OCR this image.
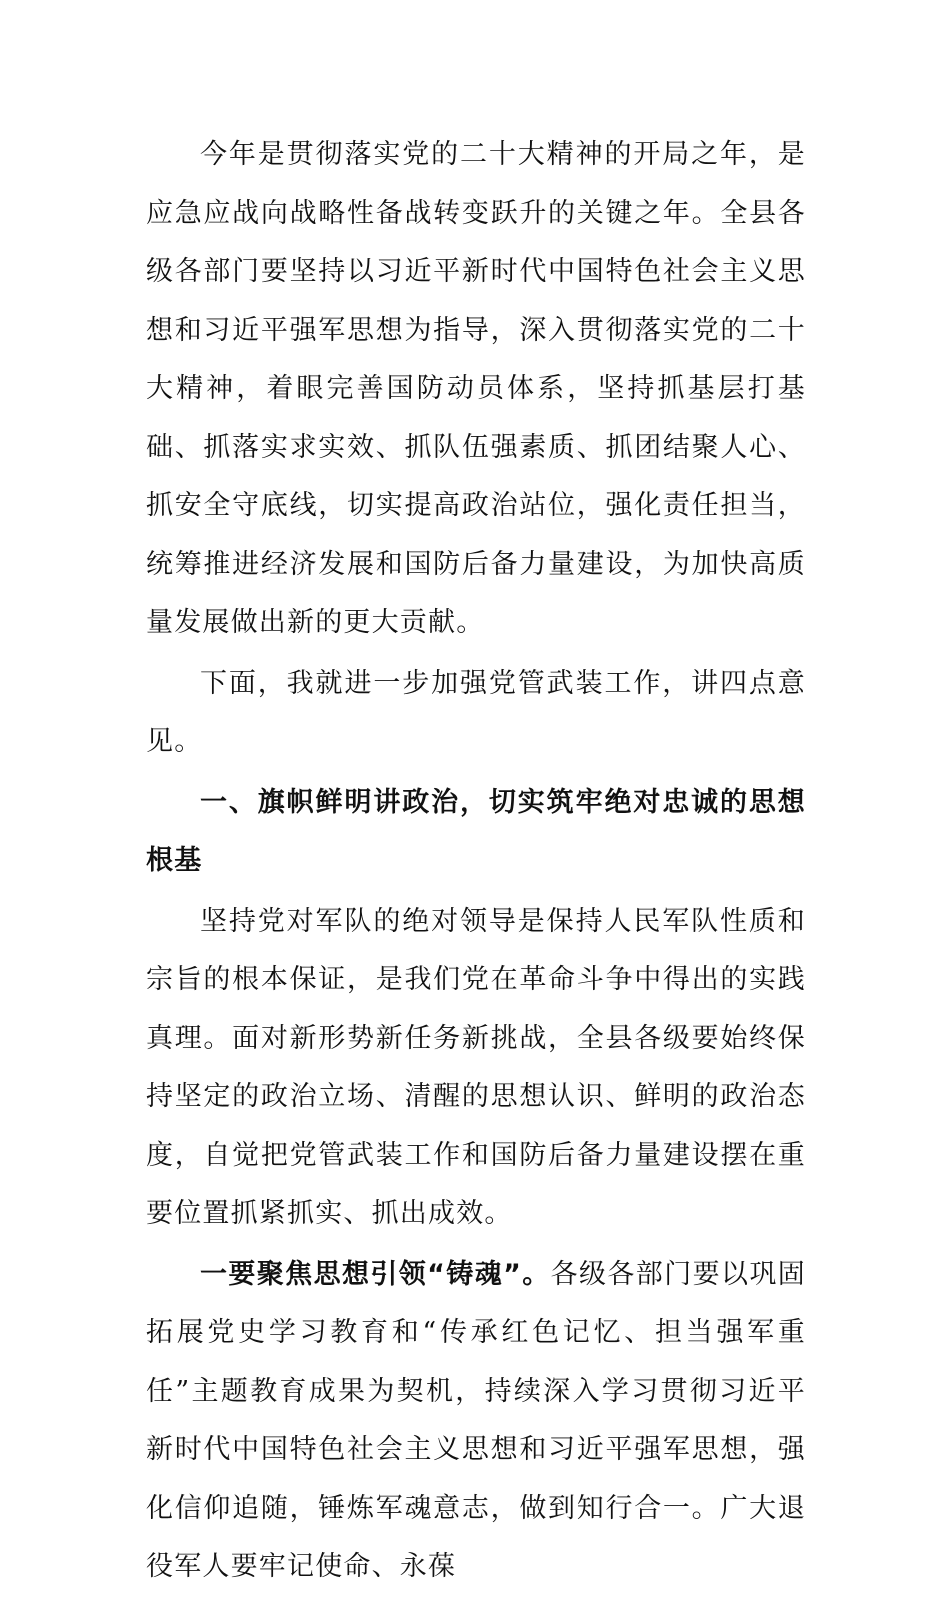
今年是贯彻落实党的二十大精神的开局之年，是应急应战向战略性备战转变跃升的关键之年。全县各级各部门要坚持以习近平新时代中国特色社会主义思想和习近平强军思想为指导，深入贯彻落实党的二十大精神，着眼完善国防动员体系，坚持抓基层打基础、抓落实求实效、抓队伍强素质、抓团结聚人心、抓安全守底线，切实提高政治站位，强化责任担当，统筹推进经济发展和国防后备力量建设，为加快高质量发展做出新的更大贡献。

下面，我就进一步加强党管武装工作，讲四点意见。

一、旗帜鲜明讲政治，切实筑牢绝对忠诚的思想根基

坚持党对军队的绝对领导是保持人民军队性质和宗旨的根本保证，是我们党在革命斗争中得出的实践真理。面对新形势新任务新挑战，全县各级要始终保持坚定的政治立场、清醒的思想认识、鲜明的政治态度，自觉把党管武装工作和国防后备力量建设摆在重要位置抓紧抓实、抓出成效。

一要聚焦思想引领“铸魂”。各级各部门要以巩固拓展党史学习教育和“传承红色记忆、担当强军重任”主题教育成果为契机，持续深入学习贯彻习近平新时代中国特色社会主义思想和习近平强军思想，强化信仰追随，锤炼军魂意志，做到知行合一。广大退役军人要牢记使命、永葆
